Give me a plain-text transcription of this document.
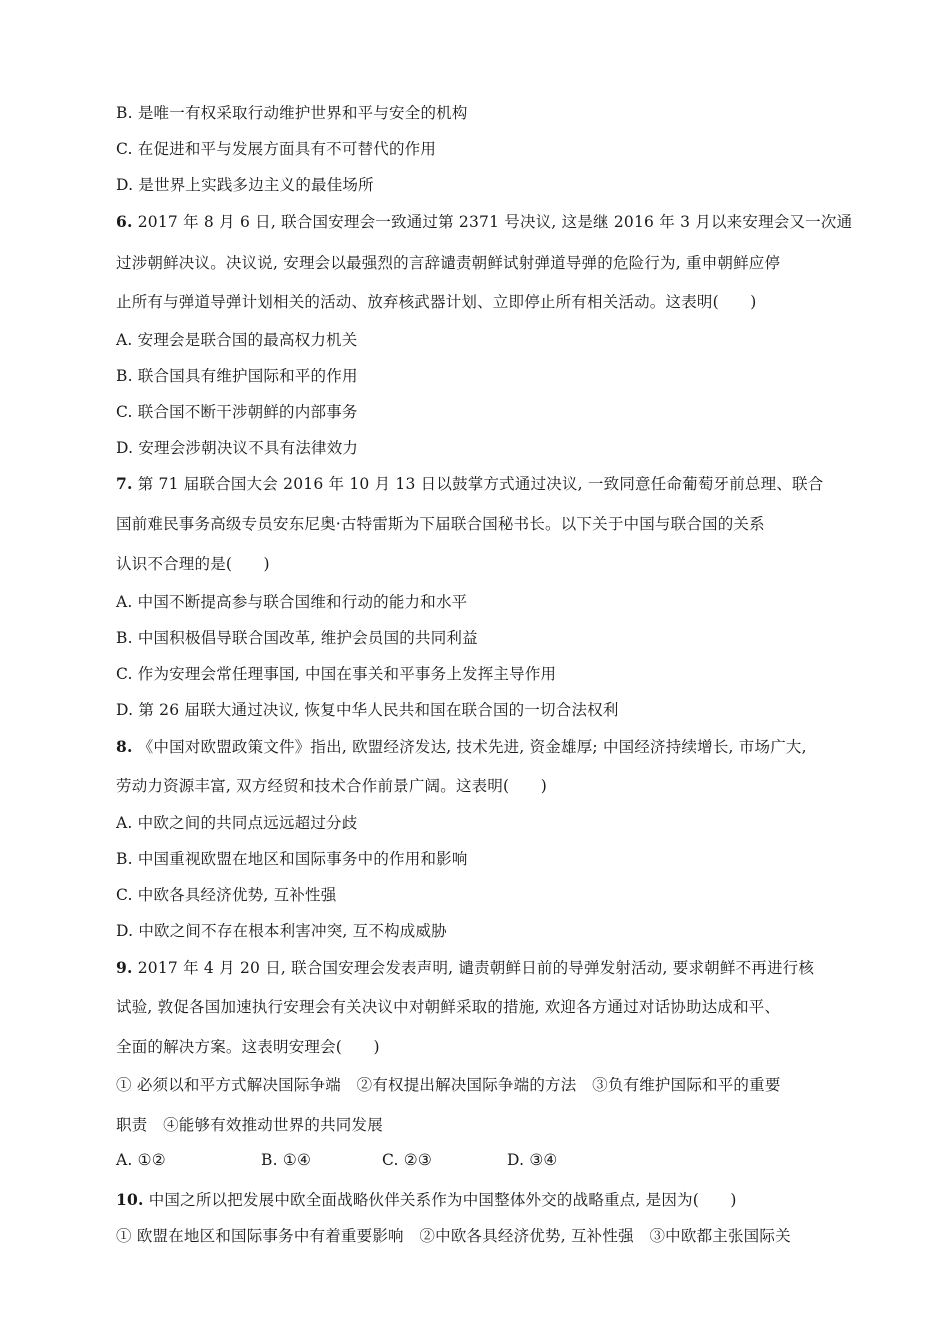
B. 是唯一有权采取行动维护世界和平与安全的机构
C. 在促进和平与发展方面具有不可替代的作用
D. 是世界上实践多边主义的最佳场所
6. 2017 年 8 月 6 日, 联合国安理会一致通过第 2371 号决议, 这是继 2016 年 3 月以来安理会又一次通
过涉朝鲜决议。决议说, 安理会以最强烈的言辞谴责朝鲜试射弹道导弹的危险行为, 重申朝鲜应停
止所有与弹道导弹计划相关的活动、放弃核武器计划、立即停止所有相关活动。这表明(　　)
A. 安理会是联合国的最高权力机关
B. 联合国具有维护国际和平的作用
C. 联合国不断干涉朝鲜的内部事务
D. 安理会涉朝决议不具有法律效力
7. 第 71 届联合国大会 2016 年 10 月 13 日以鼓掌方式通过决议, 一致同意任命葡萄牙前总理、联合
国前难民事务高级专员安东尼奥·古特雷斯为下届联合国秘书长。以下关于中国与联合国的关系
认识不合理的是(　　)
A. 中国不断提高参与联合国维和行动的能力和水平
B. 中国积极倡导联合国改革, 维护会员国的共同利益
C. 作为安理会常任理事国, 中国在事关和平事务上发挥主导作用
D. 第 26 届联大通过决议, 恢复中华人民共和国在联合国的一切合法权利
8. 《中国对欧盟政策文件》指出, 欧盟经济发达, 技术先进, 资金雄厚; 中国经济持续增长, 市场广大,
劳动力资源丰富, 双方经贸和技术合作前景广阔。这表明(　　)
A. 中欧之间的共同点远远超过分歧
B. 中国重视欧盟在地区和国际事务中的作用和影响
C. 中欧各具经济优势, 互补性强
D. 中欧之间不存在根本利害冲突, 互不构成威胁
9. 2017 年 4 月 20 日, 联合国安理会发表声明, 谴责朝鲜日前的导弹发射活动, 要求朝鲜不再进行核
试验, 敦促各国加速执行安理会有关决议中对朝鲜采取的措施, 欢迎各方通过对话协助达成和平、
全面的解决方案。这表明安理会(　　)
① 必须以和平方式解决国际争端　②有权提出解决国际争端的方法　③负有维护国际和平的重要
职责　④能够有效推动世界的共同发展
A. ①②	B. ①④	C. ②③	D. ③④
10. 中国之所以把发展中欧全面战略伙伴关系作为中国整体外交的战略重点, 是因为(　　)
① 欧盟在地区和国际事务中有着重要影响　②中欧各具经济优势, 互补性强　③中欧都主张国际关
